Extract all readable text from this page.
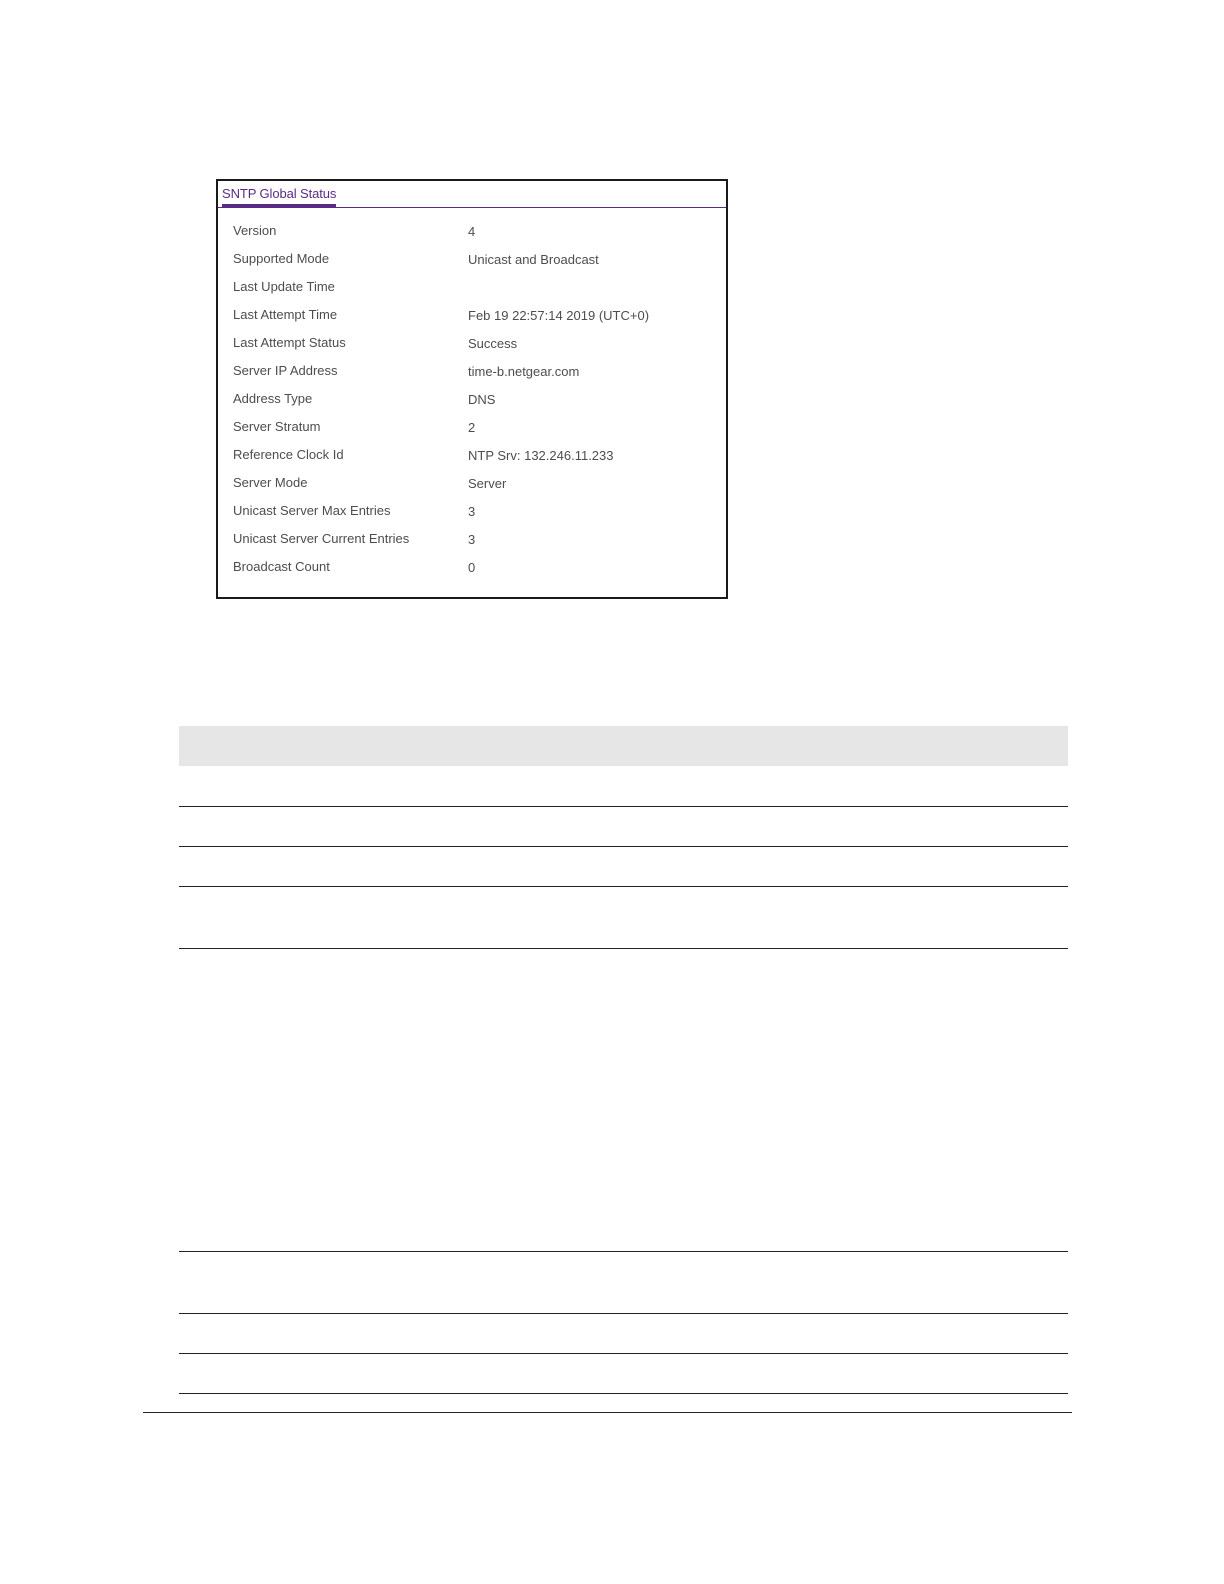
SNTP Global Status
Version	4
Supported Mode	Unicast and Broadcast
Last Update Time
Last Attempt Time	Feb 19 22:57:14 2019 (UTC+0)
Last Attempt Status	Success
Server IP Address	time-b.netgear.com
Address Type	DNS
Server Stratum	2
Reference Clock Id	NTP Srv: 132.246.11.233
Server Mode	Server
Unicast Server Max Entries	3
Unicast Server Current Entries	3
Broadcast Count	0
